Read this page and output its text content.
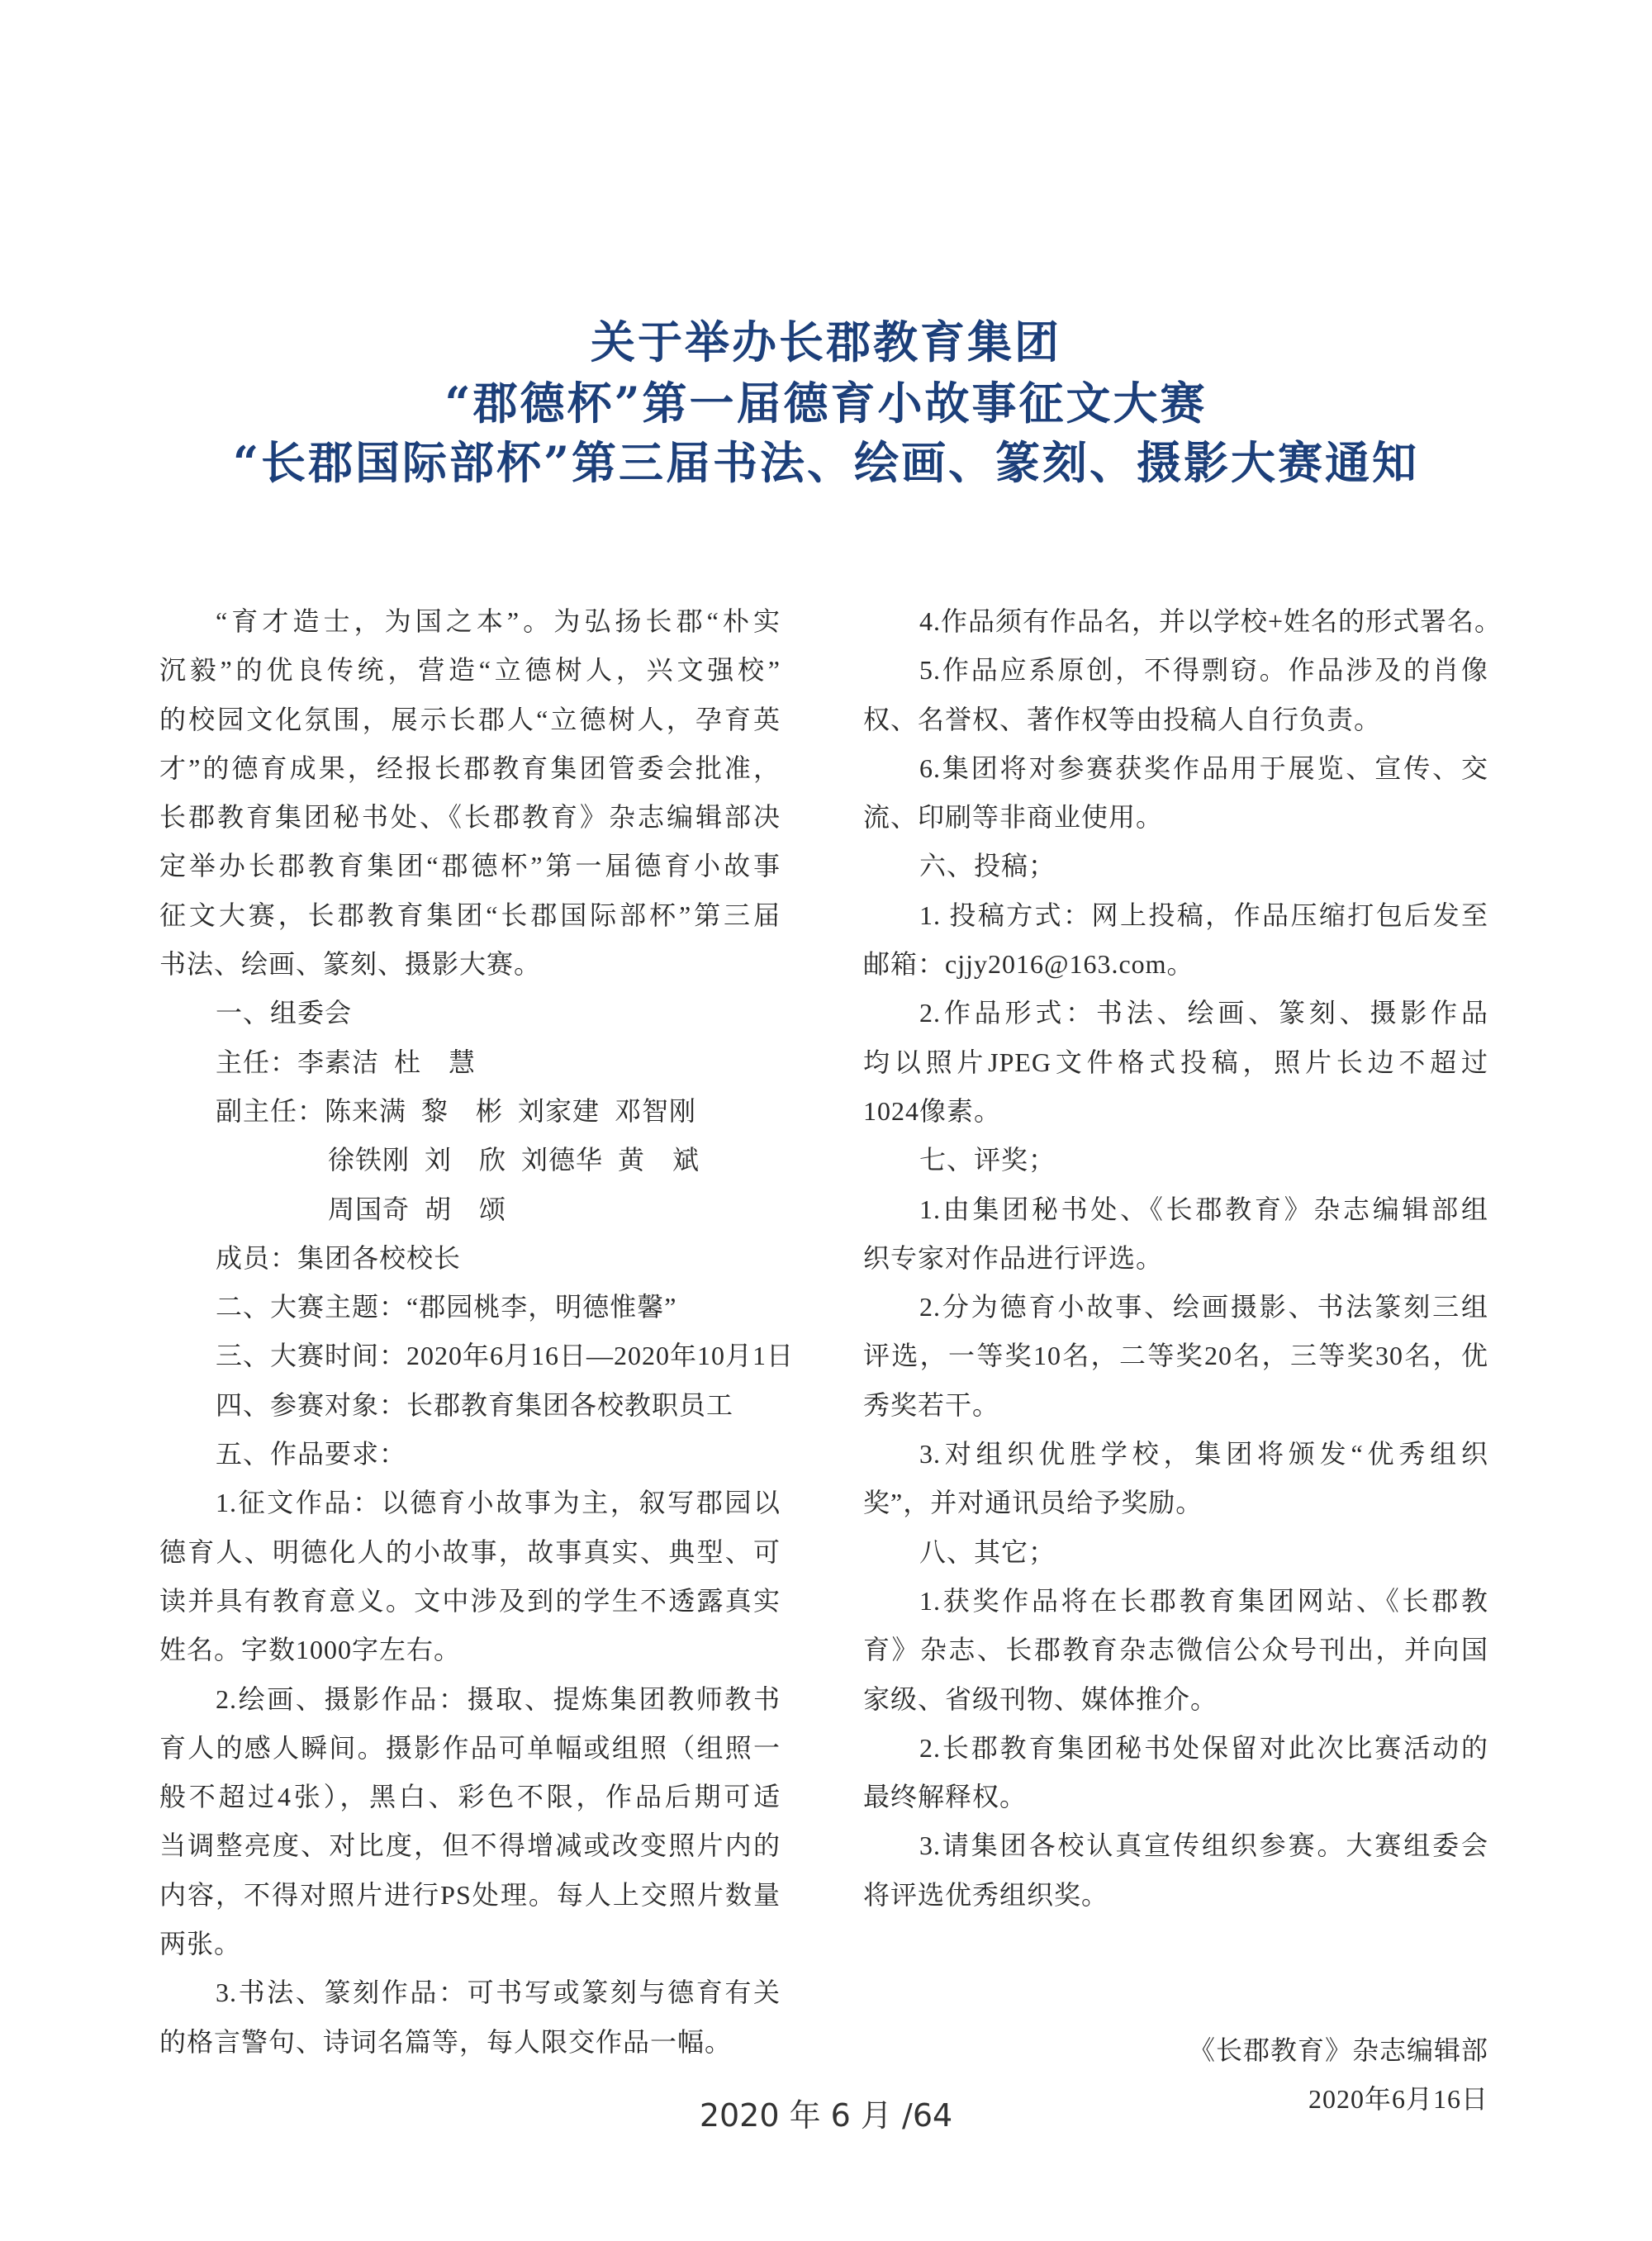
关于举办长郡教育集团
“郡德杯”第一届德育小故事征文大赛
“长郡国际部杯”第三届书法、绘画、篆刻、摄影大赛通知
“育才造士，为国之本”。为弘扬长郡“朴实
沉毅”的优良传统，营造“立德树人，兴文强校”
的校园文化氛围，展示长郡人“立德树人，孕育英
才”的德育成果，经报长郡教育集团管委会批准，
长郡教育集团秘书处、《长郡教育》杂志编辑部决
定举办长郡教育集团“郡德杯”第一届德育小故事
征文大赛，长郡教育集团“长郡国际部杯”第三届
书法、绘画、篆刻、摄影大赛。
一、组委会
主任：李素洁  杜　慧
副主任：陈来满  黎　彬  刘家建  邓智刚
徐铁刚  刘　欣  刘德华  黄　斌
周国奇  胡　颂
成员：集团各校校长
二、大赛主题：“郡园桃李，明德惟馨”
三、大赛时间：2020年6月16日—2020年10月1日
四、参赛对象：长郡教育集团各校教职员工
五、作品要求：
1.征文作品：以德育小故事为主，叙写郡园以
德育人、明德化人的小故事，故事真实、典型、可
读并具有教育意义。文中涉及到的学生不透露真实
姓名。字数1000字左右。
2.绘画、摄影作品：摄取、提炼集团教师教书
育人的感人瞬间。摄影作品可单幅或组照（组照一
般不超过4张），黑白、彩色不限，作品后期可适
当调整亮度、对比度，但不得增减或改变照片内的
内容，不得对照片进行PS处理。每人上交照片数量
两张。
3.书法、篆刻作品：可书写或篆刻与德育有关
的格言警句、诗词名篇等，每人限交作品一幅。
4.作品须有作品名，并以学校+姓名的形式署名。
5.作品应系原创，不得剽窃。作品涉及的肖像
权、名誉权、著作权等由投稿人自行负责。
6.集团将对参赛获奖作品用于展览、宣传、交
流、印刷等非商业使用。
六、投稿；
1. 投稿方式：网上投稿，作品压缩打包后发至
邮箱：cjjy2016@163.com。
2.作品形式：书法、绘画、篆刻、摄影作品
均以照片JPEG文件格式投稿，照片长边不超过
1024像素。
七、评奖；
1.由集团秘书处、《长郡教育》杂志编辑部组
织专家对作品进行评选。
2.分为德育小故事、绘画摄影、书法篆刻三组
评选，一等奖10名，二等奖20名，三等奖30名，优
秀奖若干。
3.对组织优胜学校，集团将颁发“优秀组织
奖”，并对通讯员给予奖励。
八、其它；
1.获奖作品将在长郡教育集团网站、《长郡教
育》杂志、长郡教育杂志微信公众号刊出，并向国
家级、省级刊物、媒体推介。
2.长郡教育集团秘书处保留对此次比赛活动的
最终解释权。
3.请集团各校认真宣传组织参赛。大赛组委会
将评选优秀组织奖。
《长郡教育》杂志编辑部
2020年6月16日
2020 年 6 月 /64
